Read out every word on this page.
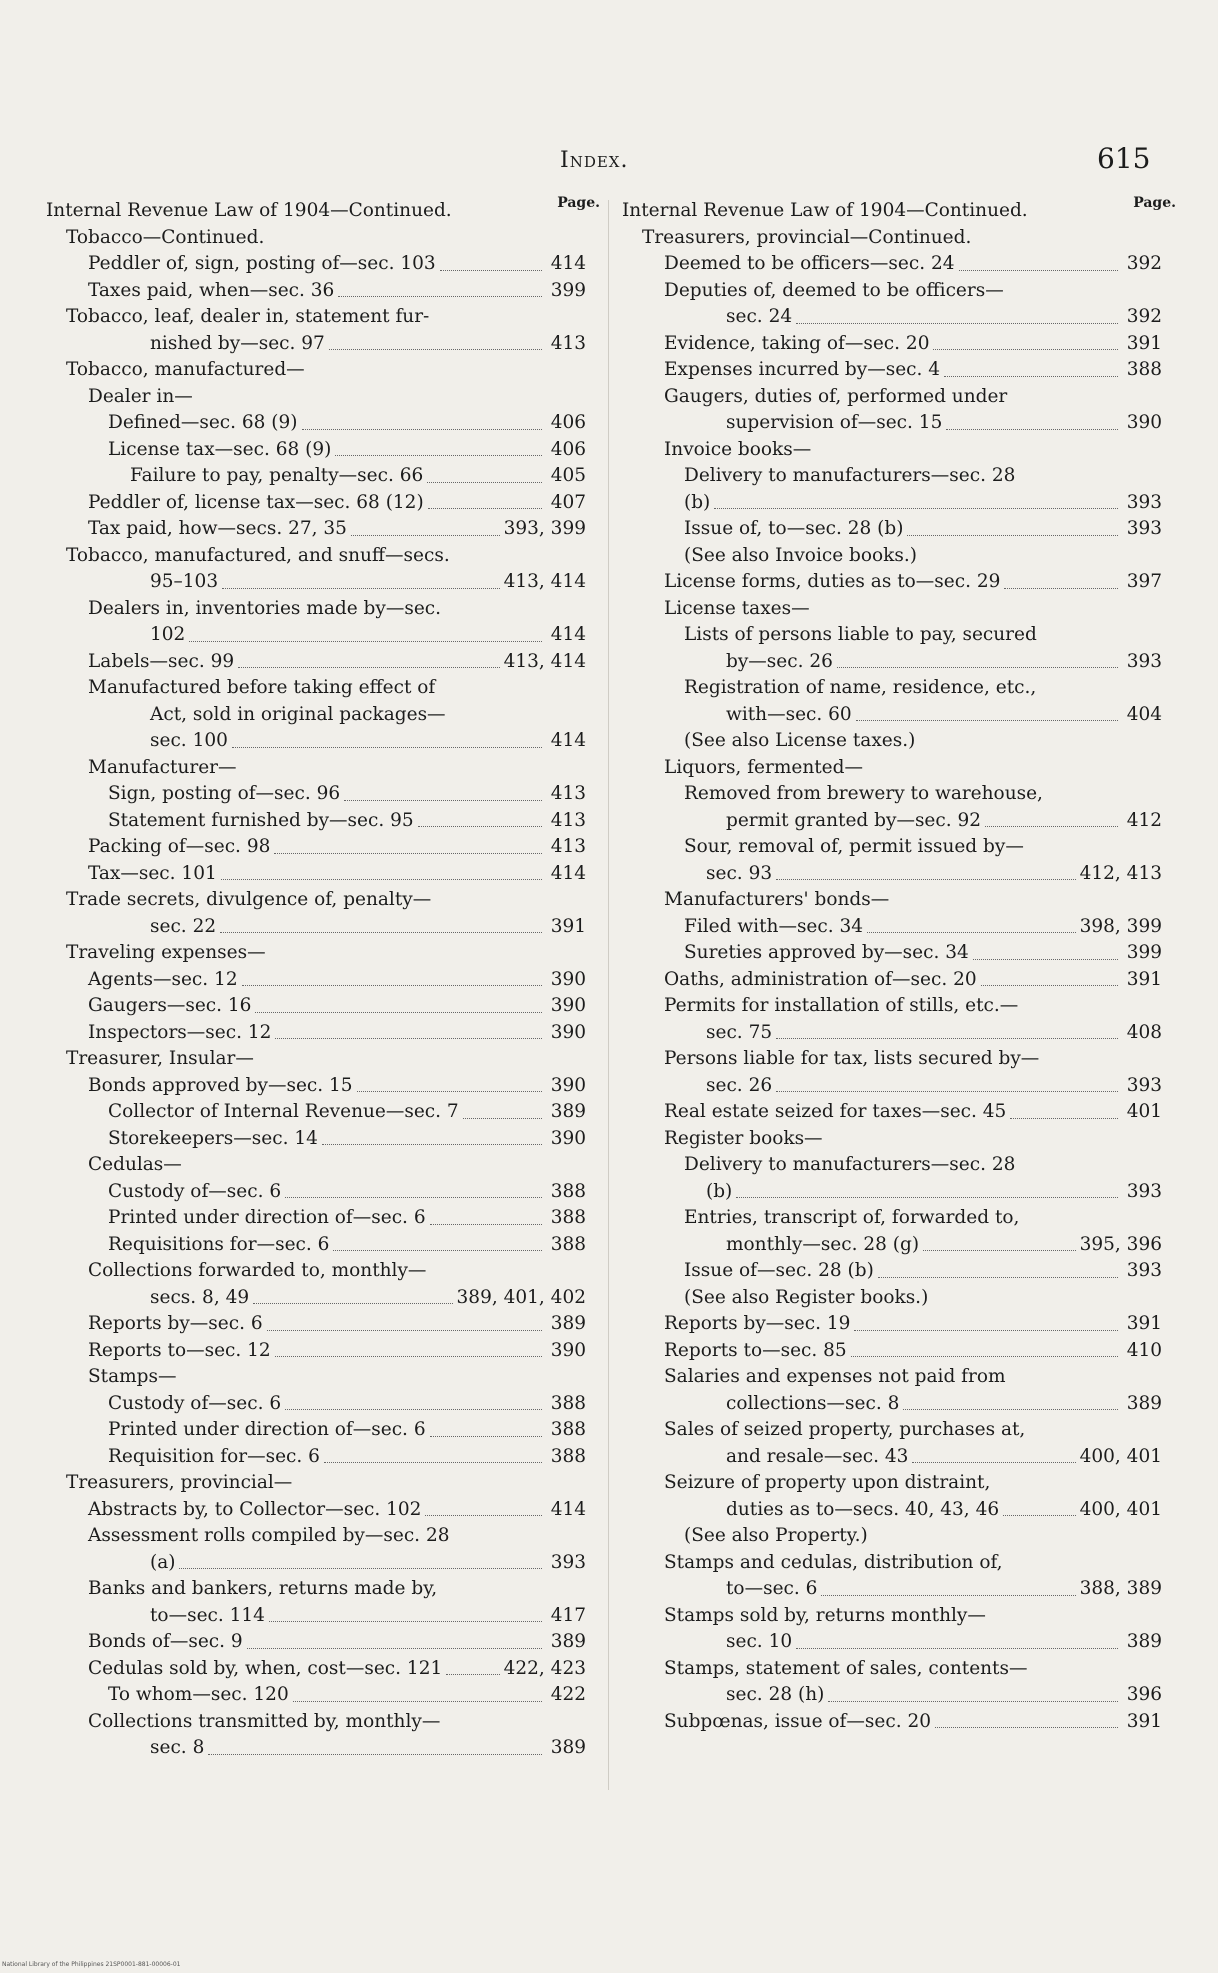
Index.	615
Page.
Internal Revenue Law of 1904—Continued.
Tobacco—Continued.
Peddler of, sign, posting of—sec. 103	414
Taxes paid, when—sec. 36	399
Tobacco, leaf, dealer in, statement fur-
nished by—sec. 97	413
Tobacco, manufactured—
Dealer in—
Defined—sec. 68 (9)	406
License tax—sec. 68 (9)	406
Failure to pay, penalty—sec. 66	405
Peddler of, license tax—sec. 68 (12)	407
Tax paid, how—secs. 27, 35	393, 399
Tobacco, manufactured, and snuff—secs.
95–103	413, 414
Dealers in, inventories made by—sec.
102	414
Labels—sec. 99	413, 414
Manufactured before taking effect of
Act, sold in original packages—
sec. 100	414
Manufacturer—
Sign, posting of—sec. 96	413
Statement furnished by—sec. 95	413
Packing of—sec. 98	413
Tax—sec. 101	414
Trade secrets, divulgence of, penalty—
sec. 22	391
Traveling expenses—
Agents—sec. 12	390
Gaugers—sec. 16	390
Inspectors—sec. 12	390
Treasurer, Insular—
Bonds approved by—sec. 15	390
Collector of Internal Revenue—sec. 7	389
Storekeepers—sec. 14	390
Cedulas—
Custody of—sec. 6	388
Printed under direction of—sec. 6	388
Requisitions for—sec. 6	388
Collections forwarded to, monthly—
secs. 8, 49	389, 401, 402
Reports by—sec. 6	389
Reports to—sec. 12	390
Stamps—
Custody of—sec. 6	388
Printed under direction of—sec. 6	388
Requisition for—sec. 6	388
Treasurers, provincial—
Abstracts by, to Collector—sec. 102	414
Assessment rolls compiled by—sec. 28
(a)	393
Banks and bankers, returns made by,
to—sec. 114	417
Bonds of—sec. 9	389
Cedulas sold by, when, cost—sec. 121	422, 423
To whom—sec. 120	422
Collections transmitted by, monthly—
sec. 8	389
Page.
Internal Revenue Law of 1904—Continued.
Treasurers, provincial—Continued.
Deemed to be officers—sec. 24	392
Deputies of, deemed to be officers—
sec. 24	392
Evidence, taking of—sec. 20	391
Expenses incurred by—sec. 4	388
Gaugers, duties of, performed under
supervision of—sec. 15	390
Invoice books—
Delivery to manufacturers—sec. 28
(b)	393
Issue of, to—sec. 28 (b)	393
(See also Invoice books.)
License forms, duties as to—sec. 29	397
License taxes—
Lists of persons liable to pay, secured
by—sec. 26	393
Registration of name, residence, etc.,
with—sec. 60	404
(See also License taxes.)
Liquors, fermented—
Removed from brewery to warehouse,
permit granted by—sec. 92	412
Sour, removal of, permit issued by—
sec. 93	412, 413
Manufacturers' bonds—
Filed with—sec. 34	398, 399
Sureties approved by—sec. 34	399
Oaths, administration of—sec. 20	391
Permits for installation of stills, etc.—
sec. 75	408
Persons liable for tax, lists secured by—
sec. 26	393
Real estate seized for taxes—sec. 45	401
Register books—
Delivery to manufacturers—sec. 28
(b)	393
Entries, transcript of, forwarded to,
monthly—sec. 28 (g)	395, 396
Issue of—sec. 28 (b)	393
(See also Register books.)
Reports by—sec. 19	391
Reports to—sec. 85	410
Salaries and expenses not paid from
collections—sec. 8	389
Sales of seized property, purchases at,
and resale—sec. 43	400, 401
Seizure of property upon distraint,
duties as to—secs. 40, 43, 46	400, 401
(See also Property.)
Stamps and cedulas, distribution of,
to—sec. 6	388, 389
Stamps sold by, returns monthly—
sec. 10	389
Stamps, statement of sales, contents—
sec. 28 (h)	396
Subpœnas, issue of—sec. 20	391
National Library of the Philippines 21SP0001-881-00006-01
